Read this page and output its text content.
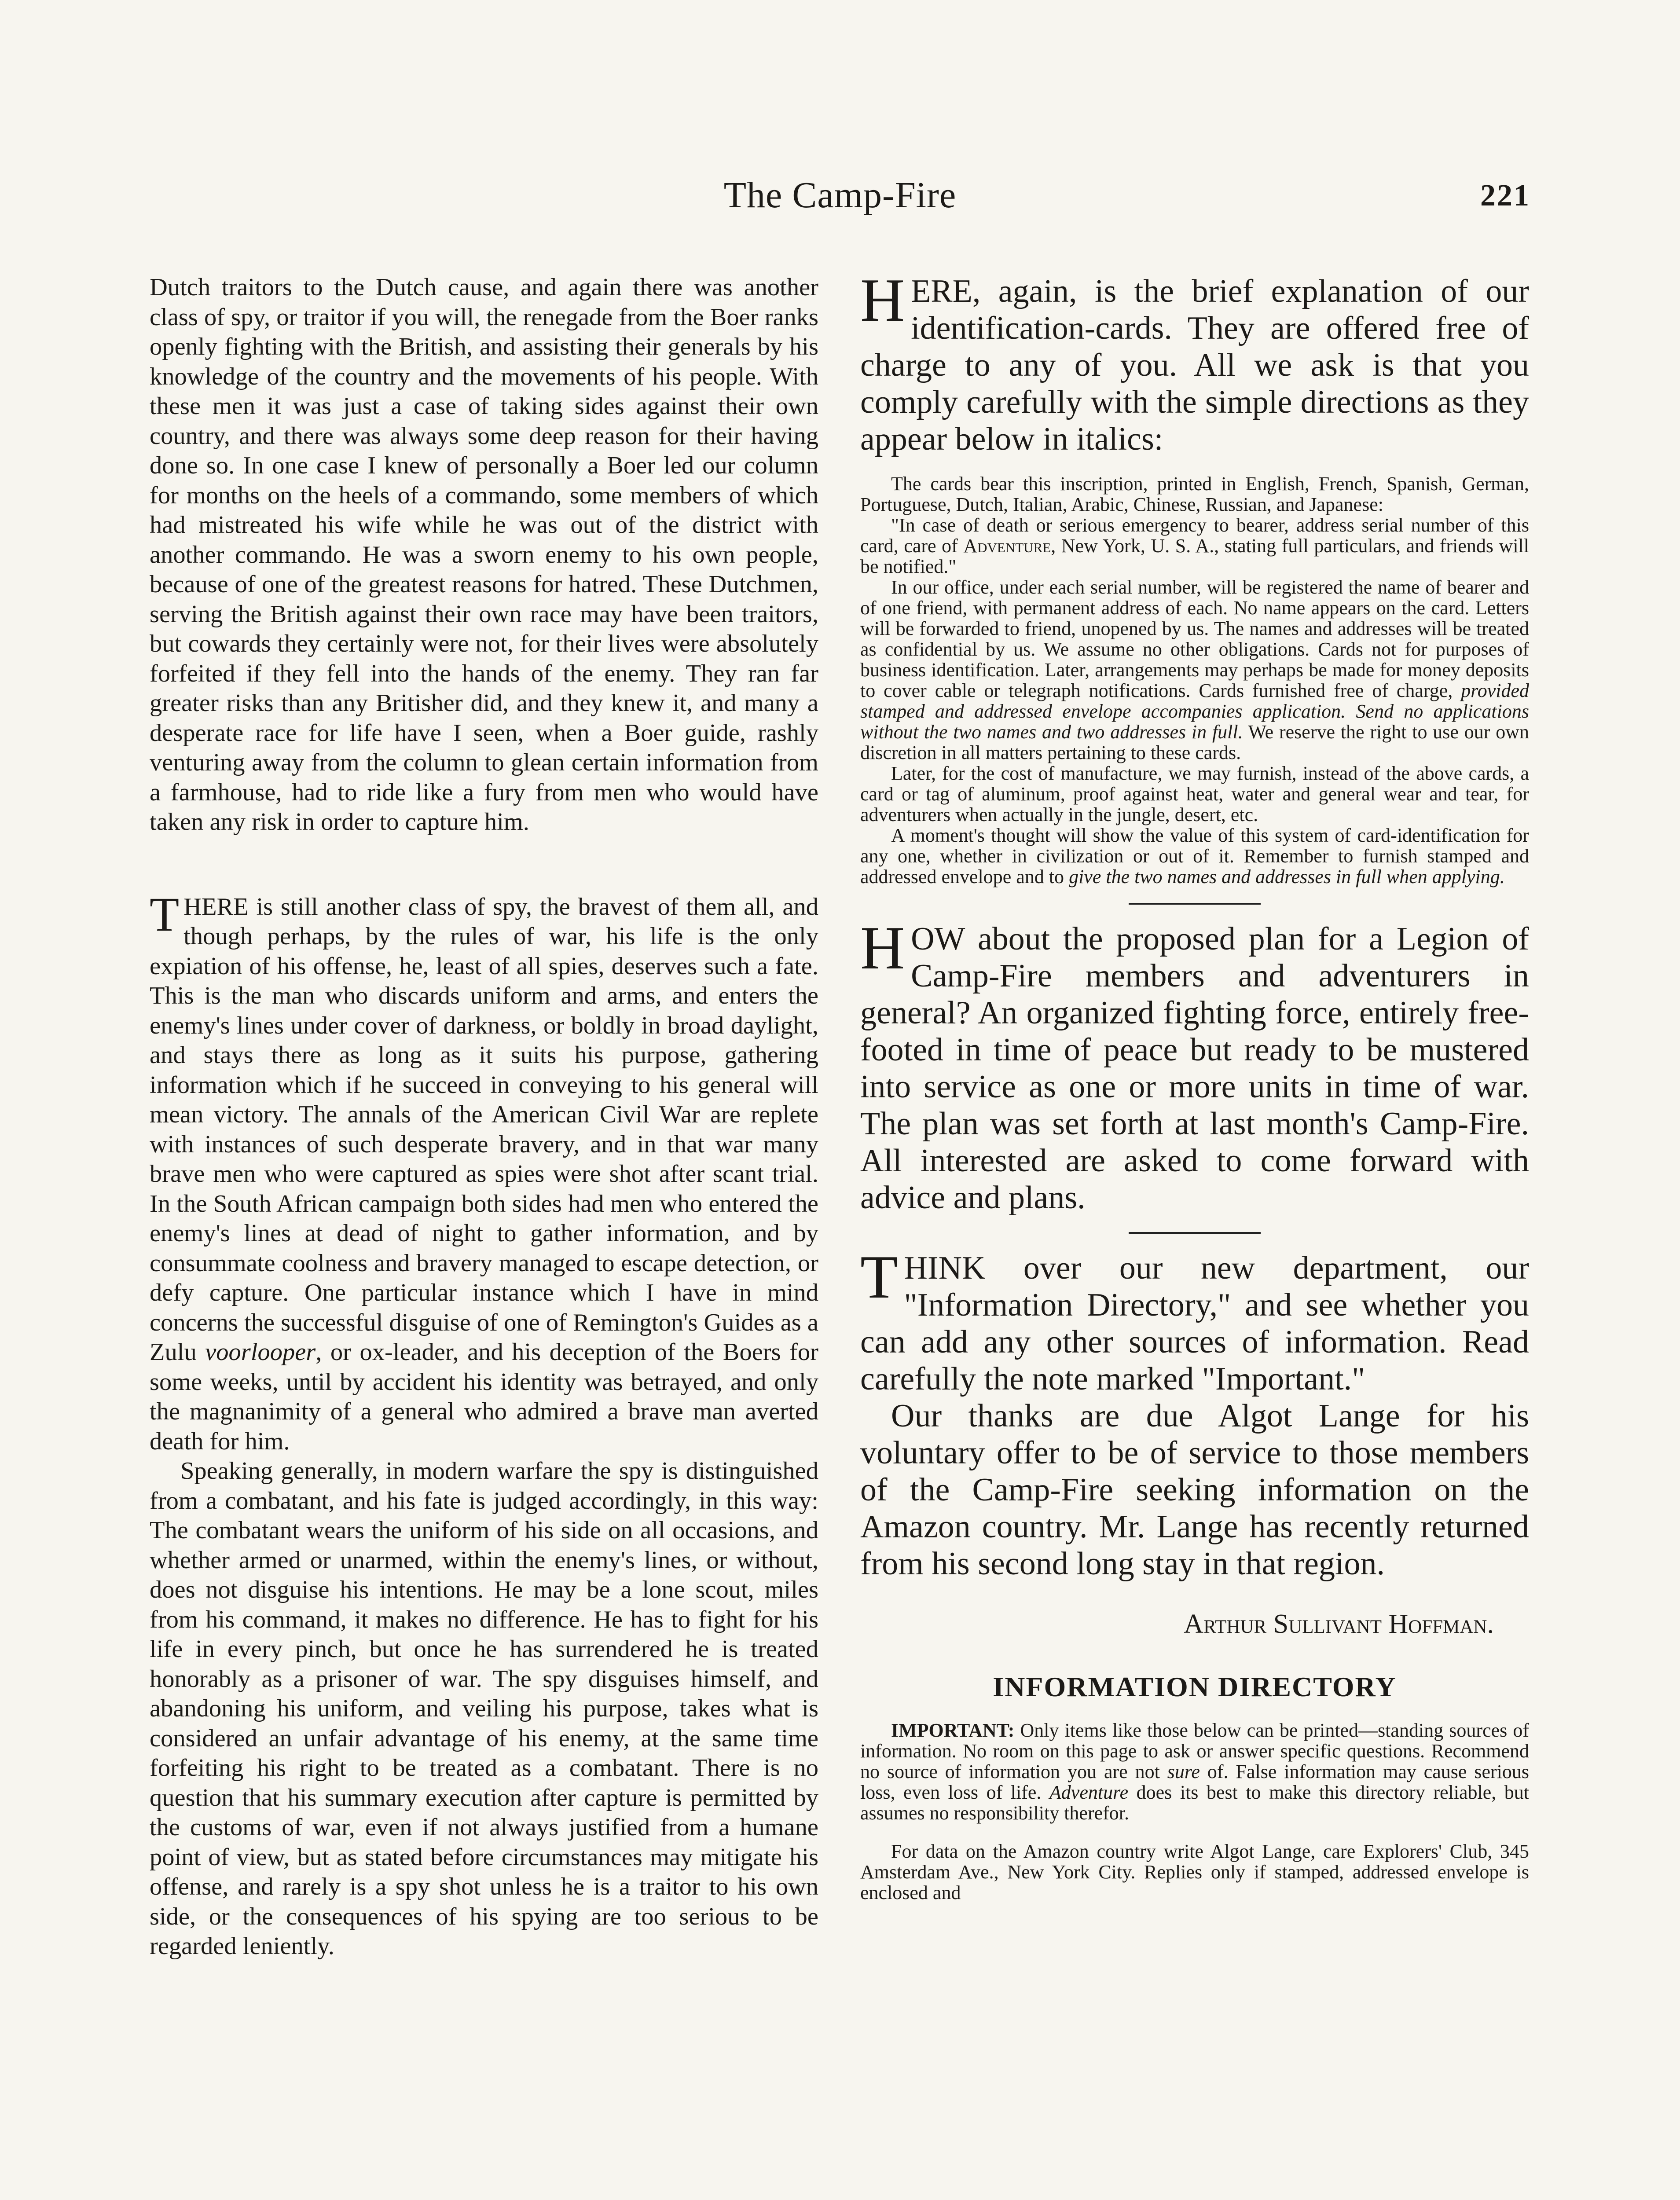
The Camp-Fire	221

Dutch traitors to the Dutch cause, and again there was another class of spy, or traitor if you will, the renegade from the Boer ranks openly fighting with the British, and assisting their generals by his knowledge of the country and the movements of his people. With these men it was just a case of taking sides against their own country, and there was always some deep reason for their having done so. In one case I knew of personally a Boer led our column for months on the heels of a commando, some members of which had mistreated his wife while he was out of the district with another commando. He was a sworn enemy to his own people, because of one of the greatest reasons for hatred. These Dutchmen, serving the British against their own race may have been traitors, but cowards they certainly were not, for their lives were absolutely forfeited if they fell into the hands of the enemy. They ran far greater risks than any Britisher did, and they knew it, and many a desperate race for life have I seen, when a Boer guide, rashly venturing away from the column to glean certain information from a farmhouse, had to ride like a fury from men who would have taken any risk in order to capture him.

THERE is still another class of spy, the bravest of them all, and though perhaps, by the rules of war, his life is the only expiation of his offense, he, least of all spies, deserves such a fate. This is the man who discards uniform and arms, and enters the enemy's lines under cover of darkness, or boldly in broad daylight, and stays there as long as it suits his purpose, gathering information which if he succeed in conveying to his general will mean victory. The annals of the American Civil War are replete with instances of such desperate bravery, and in that war many brave men who were captured as spies were shot after scant trial. In the South African campaign both sides had men who entered the enemy's lines at dead of night to gather information, and by consummate coolness and bravery managed to escape detection, or defy capture. One particular instance which I have in mind concerns the successful disguise of one of Remington's Guides as a Zulu voorlooper, or ox-leader, and his deception of the Boers for some weeks, until by accident his identity was betrayed, and only the magnanimity of a general who admired a brave man averted death for him.

Speaking generally, in modern warfare the spy is distinguished from a combatant, and his fate is judged accordingly, in this way: The combatant wears the uniform of his side on all occasions, and whether armed or unarmed, within the enemy's lines, or without, does not disguise his intentions. He may be a lone scout, miles from his command, it makes no difference. He has to fight for his life in every pinch, but once he has surrendered he is treated honorably as a prisoner of war. The spy disguises himself, and abandoning his uniform, and veiling his purpose, takes what is considered an unfair advantage of his enemy, at the same time forfeiting his right to be treated as a combatant. There is no question that his summary execution after capture is permitted by the customs of war, even if not always justified from a humane point of view, but as stated before circumstances may mitigate his offense, and rarely is a spy shot unless he is a traitor to his own side, or the consequences of his spying are too serious to be regarded leniently.

HERE, again, is the brief explanation of our identification-cards. They are offered free of charge to any of you. All we ask is that you comply carefully with the simple directions as they appear below in italics:

The cards bear this inscription, printed in English, French, Spanish, German, Portuguese, Dutch, Italian, Arabic, Chinese, Russian, and Japanese:

"In case of death or serious emergency to bearer, address serial number of this card, care of Adventure, New York, U. S. A., stating full particulars, and friends will be notified."

In our office, under each serial number, will be registered the name of bearer and of one friend, with permanent address of each. No name appears on the card. Letters will be forwarded to friend, unopened by us. The names and addresses will be treated as confidential by us. We assume no other obligations. Cards not for purposes of business identification. Later, arrangements may perhaps be made for money deposits to cover cable or telegraph notifications. Cards furnished free of charge, provided stamped and addressed envelope accompanies application. Send no applications without the two names and two addresses in full. We reserve the right to use our own discretion in all matters pertaining to these cards.

Later, for the cost of manufacture, we may furnish, instead of the above cards, a card or tag of aluminum, proof against heat, water and general wear and tear, for adventurers when actually in the jungle, desert, etc.

A moment's thought will show the value of this system of card-identification for any one, whether in civilization or out of it. Remember to furnish stamped and addressed envelope and to give the two names and addresses in full when applying.

HOW about the proposed plan for a Legion of Camp-Fire members and adventurers in general? An organized fighting force, entirely free-footed in time of peace but ready to be mustered into service as one or more units in time of war. The plan was set forth at last month's Camp-Fire. All interested are asked to come forward with advice and plans.

THINK over our new department, our "Information Directory," and see whether you can add any other sources of information. Read carefully the note marked "Important."

Our thanks are due Algot Lange for his voluntary offer to be of service to those members of the Camp-Fire seeking information on the Amazon country. Mr. Lange has recently returned from his second long stay in that region.

Arthur Sullivant Hoffman.
INFORMATION DIRECTORY

IMPORTANT: Only items like those below can be printed—standing sources of information. No room on this page to ask or answer specific questions. Recommend no source of information you are not sure of. False information may cause serious loss, even loss of life. Adventure does its best to make this directory reliable, but assumes no responsibility therefor.

For data on the Amazon country write Algot Lange, care Explorers' Club, 345 Amsterdam Ave., New York City. Replies only if stamped, addressed envelope is enclosed and
